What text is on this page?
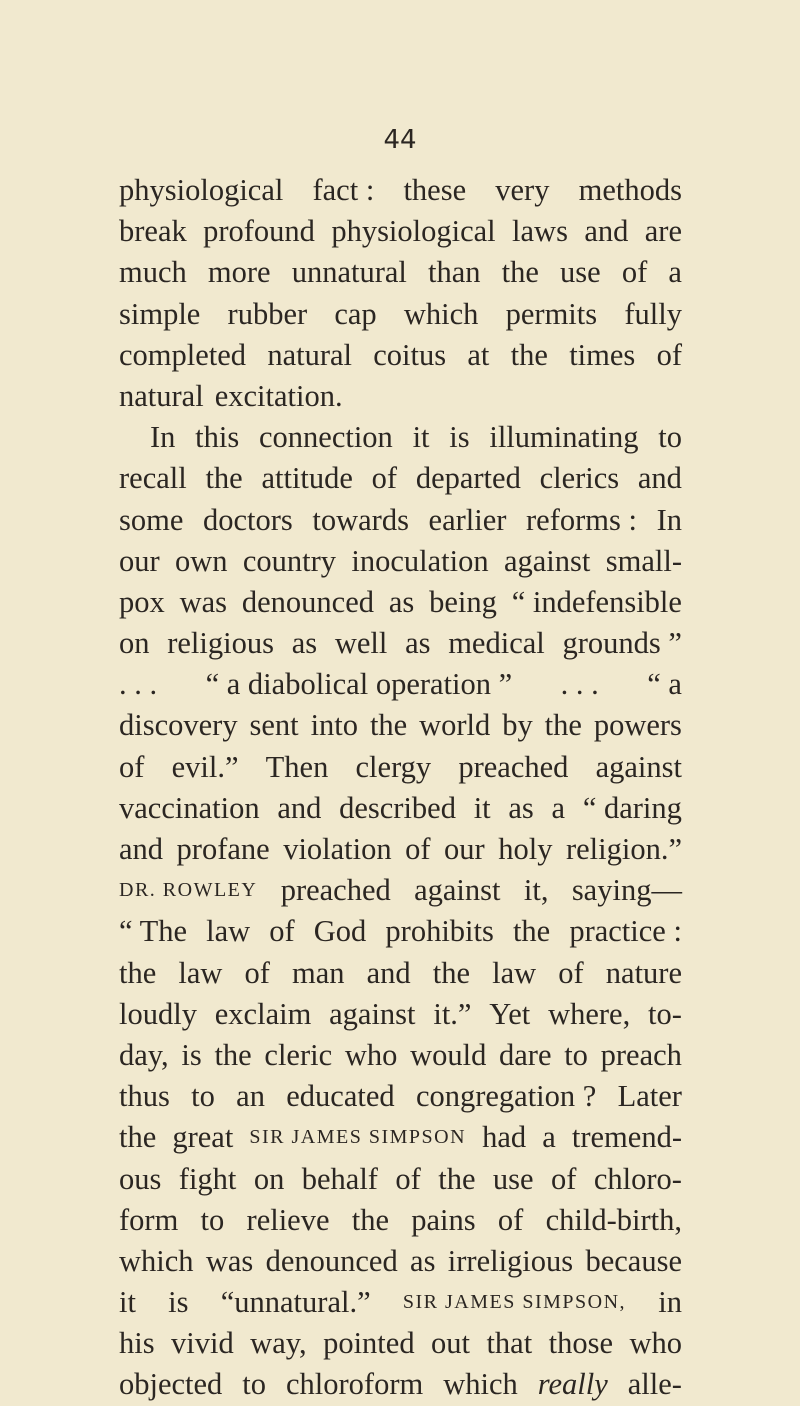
44
physiological fact : these very methods
break profound physiological laws and are
much more unnatural than the use of a
simple rubber cap which permits fully
completed natural coitus at the times of
natural excitation.
In this connection it is illuminating to
recall the attitude of departed clerics and
some doctors towards earlier reforms : In
our own country inoculation against small-
pox was denounced as being “ indefensible
on religious as well as medical grounds ”
. . . “ a diabolical operation ” . . . “ a
discovery sent into the world by the powers
of evil.” Then clergy preached against
vaccination and described it as a “ daring
and profane violation of our holy religion.”
DR. ROWLEY preached against it, saying—
“ The law of God prohibits the practice :
the law of man and the law of nature
loudly exclaim against it.” Yet where, to-
day, is the cleric who would dare to preach
thus to an educated congregation ? Later
the great SIR JAMES SIMPSON had a tremend-
ous fight on behalf of the use of chloro-
form to relieve the pains of child-birth,
which was denounced as irreligious because
it is “unnatural.” SIR JAMES SIMPSON, in
his vivid way, pointed out that those who
objected to chloroform which really alle-
